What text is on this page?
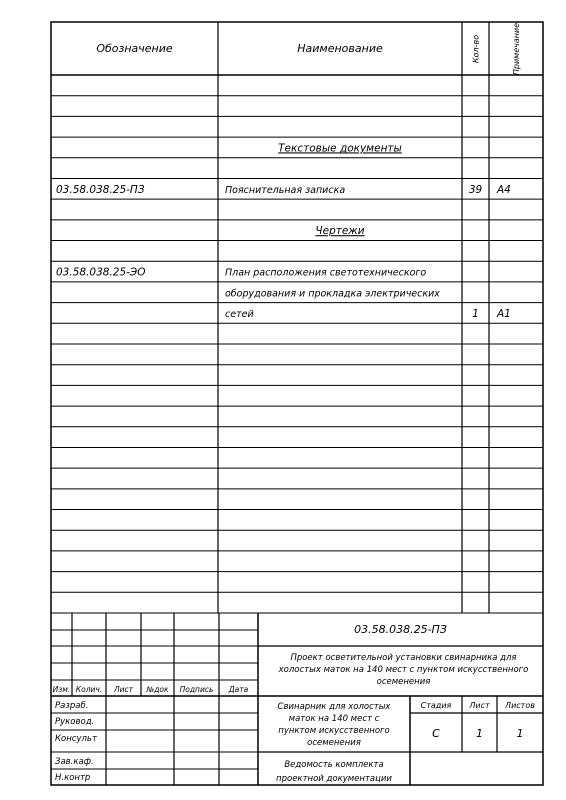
Обозначение	Наименование	Кол-во	Примечание
Текстовые документы
03.58.038.25-ПЗ	Пояснительная записка	39 А4
Чертежи
03.58.038.25-ЭО	План расположения светотехнического
оборудования и прокладка электрических
сетей	1 А1
Изм. Колич. Лист №док Подпись Дата
Разраб.
Руковод.
Консульт
Зав.каф.
Н.контр
03.58.038.25-ПЗ
Проект осветительной установки свинарника для
холостых маток на 140 мест с пунктом искусственного
осеменения
Стадия Лист Листов
С	1	1
Свинарник для холостых
маток на 140 мест с
пунктом искусственного
осеменения
Ведомость комплекта
проектной документации
